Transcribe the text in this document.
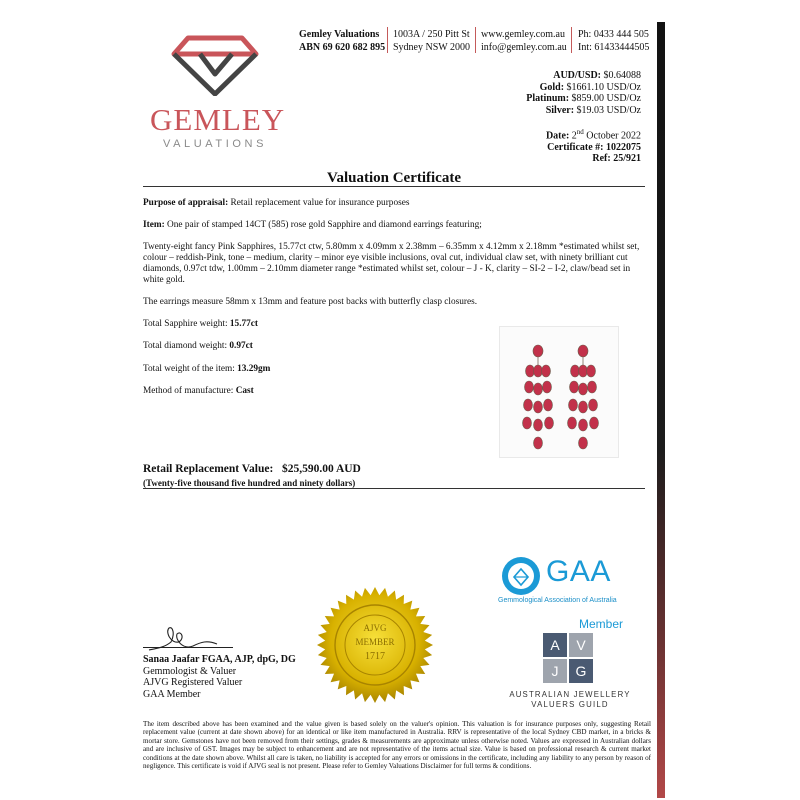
GEMLEY
VALUATIONS
Gemley Valuations
ABN 69 620 682 895
1003A / 250 Pitt St
Sydney NSW 2000
www.gemley.com.au
info@gemley.com.au
Ph: 0433 444 505
Int: 61433444505
AUD/USD: $0.64088
Gold: $1661.10 USD/Oz
Platinum: $859.00 USD/Oz
Silver: $19.03 USD/Oz
Date: 2nd October 2022
Certificate #: 1022075
Ref: 25/921
Valuation Certificate
Purpose of appraisal: Retail replacement value for insurance purposes
Item: One pair of stamped 14CT (585) rose gold Sapphire and diamond earrings featuring;
Twenty-eight fancy Pink Sapphires, 15.77ct ctw, 5.80mm x 4.09mm x 2.38mm – 6.35mm x 4.12mm x 2.18mm *estimated whilst set, colour – reddish-Pink, tone – medium, clarity – minor eye visible inclusions, oval cut, individual claw set, with ninety brilliant cut diamonds, 0.97ct tdw, 1.00mm – 2.10mm diameter range *estimated whilst set, colour – J - K, clarity – SI-2 – I-2, claw/bead set in white gold.
The earrings measure 58mm x 13mm and feature post backs with butterfly clasp closures.
Total Sapphire weight: 15.77ct
Total diamond weight: 0.97ct
Total weight of the item: 13.29gm
Method of manufacture: Cast
Retail Replacement Value: $25,590.00 AUD
(Twenty-five thousand five hundred and ninety dollars)
GAA
Gemmological Association of Australia
Member
A	V
J	G
AUSTRALIAN JEWELLERY
VALUERS GUILD
AJVG
MEMBER
1717
Sanaa Jaafar FGAA, AJP, dpG, DG
Gemmologist & Valuer
AJVG Registered Valuer
GAA Member
The item described above has been examined and the value given is based solely on the valuer's opinion. This valuation is for insurance purposes only, suggesting Retail replacement value (current at date shown above) for an identical or like item manufactured in Australia. RRV is representative of the local Sydney CBD market, in a bricks & mortar store. Gemstones have not been removed from their settings, grades & measurements are approximate unless otherwise noted. Values are expressed in Australian dollars and are inclusive of GST. Images may be subject to enhancement and are not representative of the items actual size. Value is based on professional research & current market conditions at the date shown above. Whilst all care is taken, no liability is accepted for any errors or omissions in the certificate, including any liability to any person by reason of negligence. This certificate is void if AJVG seal is not present. Please refer to Gemley Valuations Disclaimer for full terms & conditions.
